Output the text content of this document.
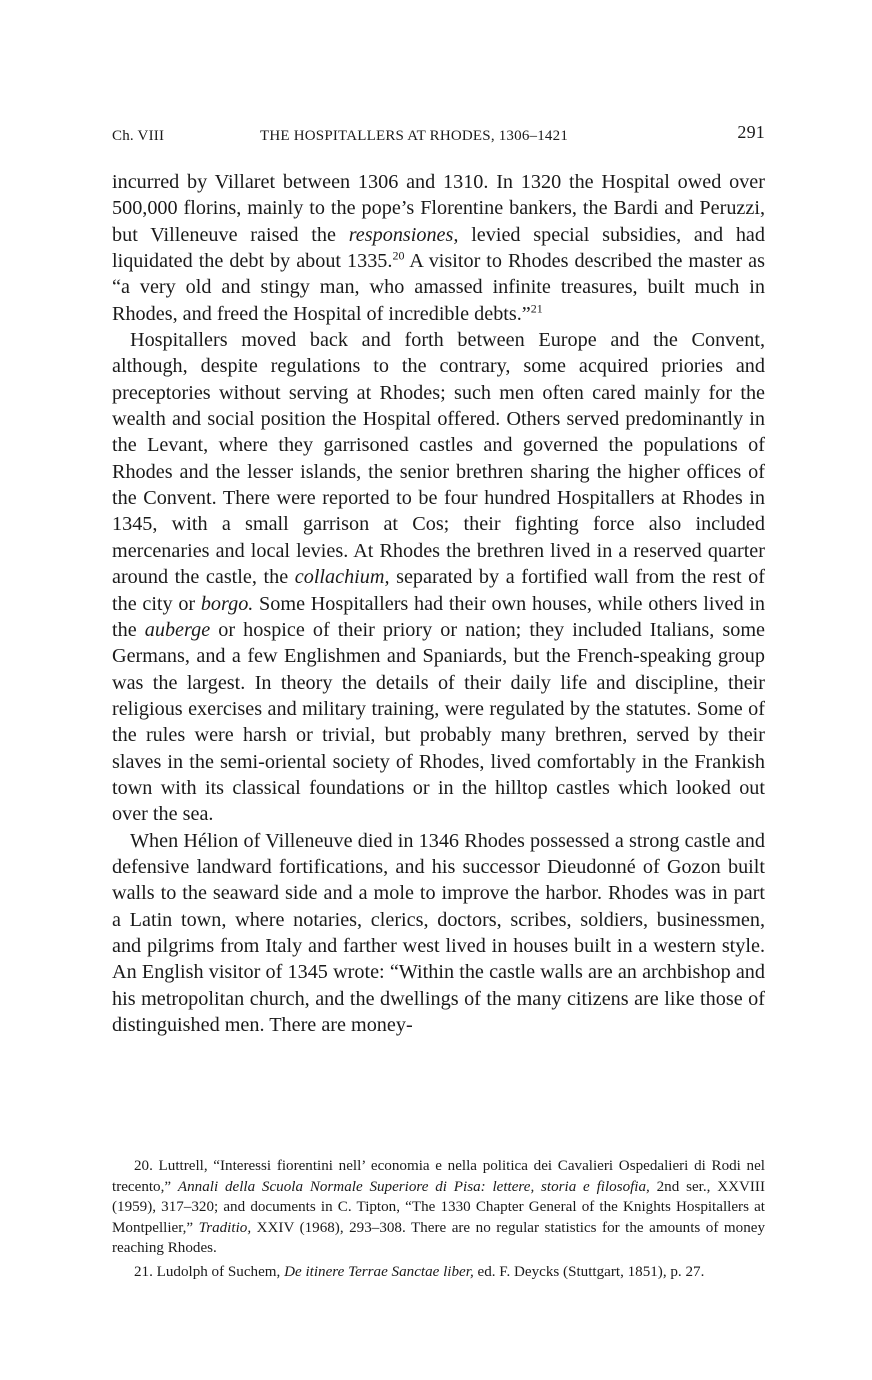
Ch. VIII	THE HOSPITALLERS AT RHODES, 1306–1421	291

incurred by Villaret between 1306 and 1310. In 1320 the Hospital owed over 500,000 florins, mainly to the pope’s Florentine bankers, the Bardi and Peruzzi, but Villeneuve raised the responsiones, levied special subsidies, and had liquidated the debt by about 1335.20 A visitor to Rhodes described the master as “a very old and stingy man, who amassed infinite treasures, built much in Rhodes, and freed the Hospital of incredible debts.”$^{21}$

Hospitallers moved back and forth between Europe and the Convent, although, despite regulations to the contrary, some acquired priories and preceptories without serving at Rhodes; such men often cared mainly for the wealth and social position the Hospital offered. Others served predominantly in the Levant, where they garrisoned castles and governed the populations of Rhodes and the lesser islands, the senior brethren sharing the higher offices of the Convent. There were reported to be four hundred Hospitallers at Rhodes in 1345, with a small garrison at Cos; their fighting force also included mercenaries and local levies. At Rhodes the brethren lived in a reserved quarter around the castle, the collachium, separated by a fortified wall from the rest of the city or borgo. Some Hospitallers had their own houses, while others lived in the auberge or hospice of their priory or nation; they included Italians, some Germans, and a few Englishmen and Spaniards, but the French-speaking group was the largest. In theory the details of their daily life and discipline, their religious exercises and military training, were regulated by the statutes. Some of the rules were harsh or trivial, but probably many brethren, served by their slaves in the semi-oriental society of Rhodes, lived comfortably in the Frankish town with its classical foundations or in the hilltop castles which looked out over the sea.

When Hélion of Villeneuve died in 1346 Rhodes possessed a strong castle and defensive landward fortifications, and his successor Dieudonné of Gozon built walls to the seaward side and a mole to improve the harbor. Rhodes was in part a Latin town, where notaries, clerics, doctors, scribes, soldiers, businessmen, and pilgrims from Italy and farther west lived in houses built in a western style. An English visitor of 1345 wrote: “Within the castle walls are an archbishop and his metropolitan church, and the dwellings of the many citizens are like those of distinguished men. There are money-

20. Luttrell, “Interessi fiorentini nell’ economia e nella politica dei Cavalieri Ospedalieri di Rodi nel trecento,” Annali della Scuola Normale Superiore di Pisa: lettere, storia e filosofia, 2nd ser., XXVIII (1959), 317–320; and documents in C. Tipton, “The 1330 Chapter General of the Knights Hospitallers at Montpellier,” Traditio, XXIV (1968), 293–308. There are no regular statistics for the amounts of money reaching Rhodes.

21. Ludolph of Suchem, De itinere Terrae Sanctae liber, ed. F. Deycks (Stuttgart, 1851), p. 27.
